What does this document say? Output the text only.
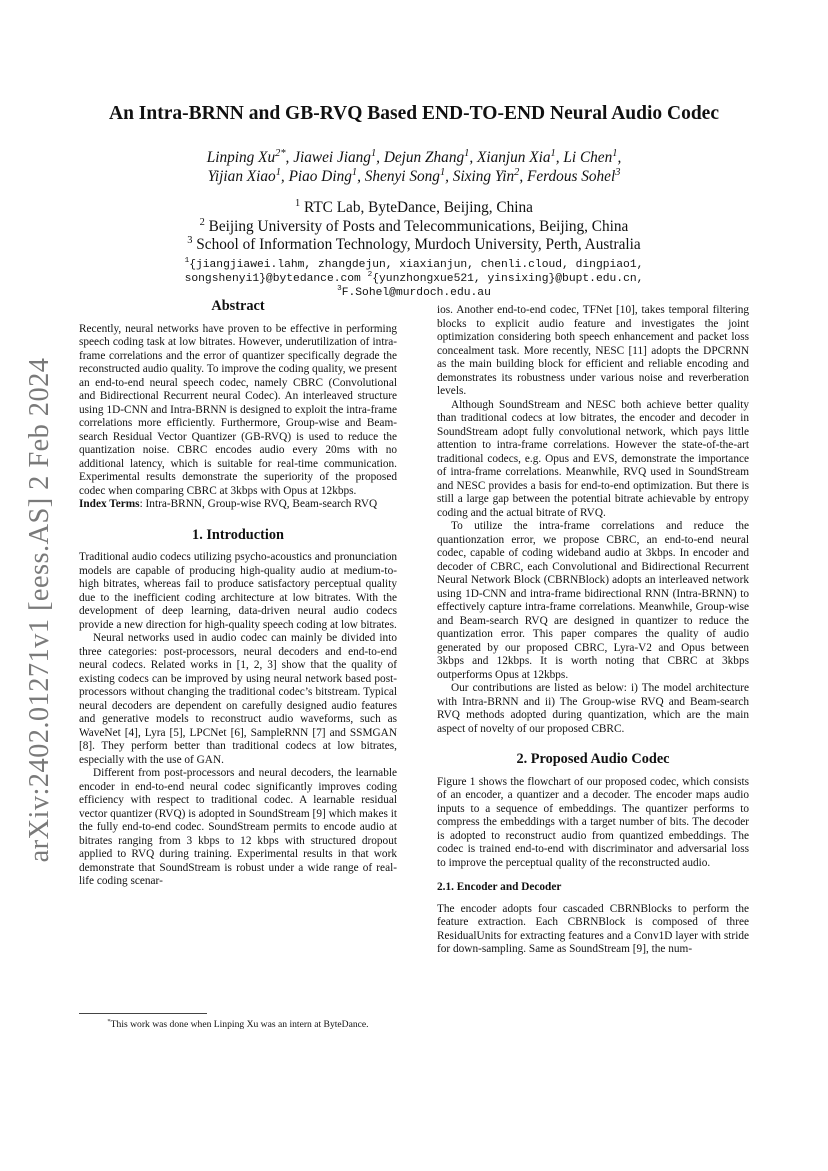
arXiv:2402.01271v1 [eess.AS] 2 Feb 2024
An Intra-BRNN and GB-RVQ Based END-TO-END Neural Audio Codec
Linping $Xu^{2*}$, Jiawei Jiang$^1$, Dejun Zhang$^1$, Xianjun Xia$^1$, Li Chen$^1$,
Yijian Xiao$^1$, Piao Ding$^1$, Shenyi Song$^1$, Sixing Yin$^2$, Ferdous Sohel$^3$
$^1$ RTC Lab, ByteDance, Beijing, China
$^2$ Beijing University of Posts and Telecommunications, Beijing, China
$^3$ School of Information Technology, Murdoch University, Perth, Australia
$^1${jiangjiawei.lahm, zhangdejun, xiaxianjun, chenli.cloud, dingpiao1,
songshenyi1}@bytedance.com $^2${yunzhongxue521, yinsixing}@bupt.edu.cn,
$^3$F.Sohel@murdoch.edu.au
Abstract

Recently, neural networks have proven to be effective in performing speech coding task at low bitrates. However, underutilization of intra-frame correlations and the error of quantizer specifically degrade the reconstructed audio quality. To improve the coding quality, we present an end-to-end neural speech codec, namely CBRC (Convolutional and Bidirectional Recurrent neural Codec). An interleaved structure using 1D-CNN and Intra-BRNN is designed to exploit the intra-frame correlations more efficiently. Furthermore, Group-wise and Beam-search Residual Vector Quantizer (GB-RVQ) is used to reduce the quantization noise. CBRC encodes audio every 20ms with no additional latency, which is suitable for real-time communication. Experimental results demonstrate the superiority of the proposed codec when comparing CBRC at 3kbps with Opus at 12kbps.

Index Terms: Intra-BRNN, Group-wise RVQ, Beam-search RVQ

1. Introduction

Traditional audio codecs utilizing psycho-acoustics and pronunciation models are capable of producing high-quality audio at medium-to-high bitrates, whereas fail to produce satisfactory perceptual quality due to the inefficient coding architecture at low bitrates. With the development of deep learning, data-driven neural audio codecs provide a new direction for high-quality speech coding at low bitrates.

Neural networks used in audio codec can mainly be divided into three categories: post-processors, neural decoders and end-to-end neural codecs. Related works in [1, 2, 3] show that the quality of existing codecs can be improved by using neural network based post-processors without changing the traditional codec’s bitstream. Typical neural decoders are dependent on carefully designed audio features and generative models to reconstruct audio waveforms, such as WaveNet [4], Lyra [5], LPCNet [6], SampleRNN [7] and SSMGAN [8]. They perform better than traditional codecs at low bitrates, especially with the use of GAN.

Different from post-processors and neural decoders, the learnable encoder in end-to-end neural codec significantly improves coding efficiency with respect to traditional codec. A learnable residual vector quantizer (RVQ) is adopted in SoundStream [9] which makes it the fully end-to-end codec. SoundStream permits to encode audio at bitrates ranging from 3 kbps to 12 kbps with structured dropout applied to RVQ during training. Experimental results in that work demonstrate that SoundStream is robust under a wide range of real-life coding scenar-

*This work was done when Linping Xu was an intern at ByteDance.

ios. Another end-to-end codec, TFNet [10], takes temporal filtering blocks to explicit audio feature and investigates the joint optimization considering both speech enhancement and packet loss concealment task. More recently, NESC [11] adopts the DPCRNN as the main building block for efficient and reliable encoding and demonstrates its robustness under various noise and reverberation levels.

Although SoundStream and NESC both achieve better quality than traditional codecs at low bitrates, the encoder and decoder in SoundStream adopt fully convolutional network, which pays little attention to intra-frame correlations. However the state-of-the-art traditional codecs, e.g. Opus and EVS, demonstrate the importance of intra-frame correlations. Meanwhile, RVQ used in SoundStream and NESC provides a basis for end-to-end optimization. But there is still a large gap between the potential bitrate achievable by entropy coding and the actual bitrate of RVQ.

To utilize the intra-frame correlations and reduce the quantionzation error, we propose CBRC, an end-to-end neural codec, capable of coding wideband audio at 3kbps. In encoder and decoder of CBRC, each Convolutional and Bidirectional Recurrent Neural Network Block (CBRNBlock) adopts an interleaved network using 1D-CNN and intra-frame bidirectional RNN (Intra-BRNN) to effectively capture intra-frame correlations. Meanwhile, Group-wise and Beam-search RVQ are designed in quantizer to reduce the quantization error. This paper compares the quality of audio generated by our proposed CBRC, Lyra-V2 and Opus between 3kbps and 12kbps. It is worth noting that CBRC at 3kbps outperforms Opus at 12kbps.

Our contributions are listed as below: i) The model architecture with Intra-BRNN and ii) The Group-wise RVQ and Beam-search RVQ methods adopted during quantization, which are the main aspect of novelty of our proposed CBRC.

2. Proposed Audio Codec

Figure 1 shows the flowchart of our proposed codec, which consists of an encoder, a quantizer and a decoder. The encoder maps audio inputs to a sequence of embeddings. The quantizer performs to compress the embeddings with a target number of bits. The decoder is adopted to reconstruct audio from quantized embeddings. The codec is trained end-to-end with discriminator and adversarial loss to improve the perceptual quality of the reconstructed audio.

2.1. Encoder and Decoder

The encoder adopts four cascaded CBRNBlocks to perform the feature extraction. Each CBRNBlock is composed of three ResidualUnits for extracting features and a Conv1D layer with stride for down-sampling. Same as SoundStream [9], the num-
